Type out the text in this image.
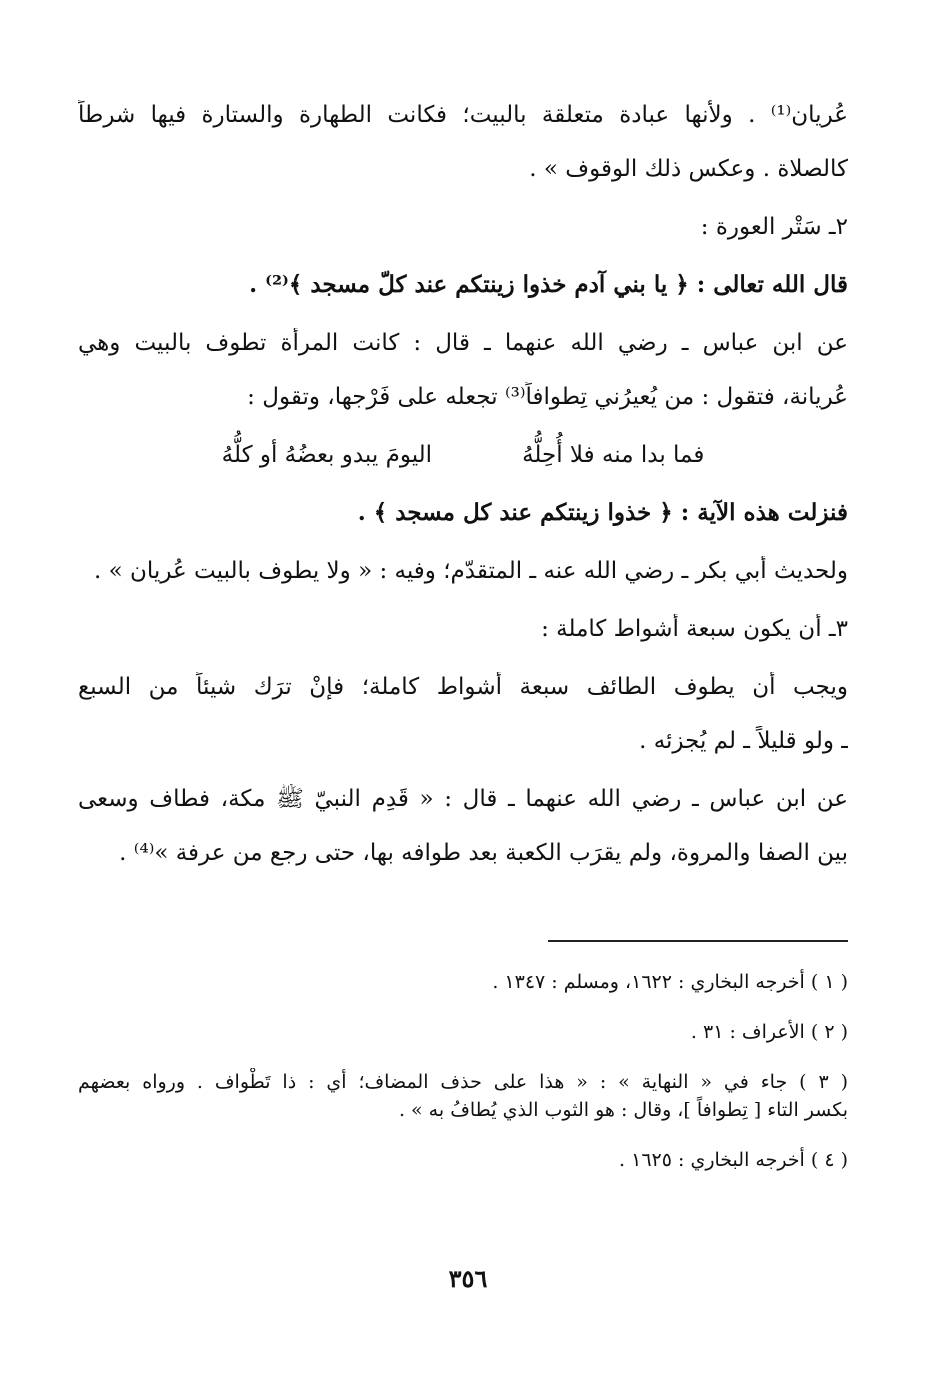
عُريان⁽¹⁾ . ولأنها عبادة متعلقة بالبيت؛ فكانت الطهارة والستارة فيها شرطاً
كالصلاة . وعكس ذلك الوقوف » .
٢ـ سَتْر العورة :
قال الله تعالى : ﴿ يا بني آدم خذوا زينتكم عند كلّ مسجد ﴾⁽²⁾ .
عن ابن عباس ـ رضي الله عنهما ـ قال : كانت المرأة تطوف بالبيت وهي
عُريانة، فتقول : من يُعيرُني تِطوافاً⁽³⁾ تجعله على فَرْجها، وتقول :
فما بدا منه فلا أُحِلُّهُ
اليومَ يبدو بعضُهُ أو كلُّهُ
فنزلت هذه الآية : ﴿ خذوا زينتكم عند كل مسجد ﴾ .
ولحديث أبي بكر ـ رضي الله عنه ـ المتقدّم؛ وفيه : « ولا يطوف بالبيت عُريان » .
٣ـ أن يكون سبعة أشواط كاملة :
ويجب أن يطوف الطائف سبعة أشواط كاملة؛ فإنْ ترَك شيئاً من السبع
ـ ولو قليلاً ـ لم يُجزئه .
عن ابن عباس ـ رضي الله عنهما ـ قال : « قَدِم النبيّ ﷺ مكة، فطاف وسعى
بين الصفا والمروة، ولم يقرَب الكعبة بعد طوافه بها، حتى رجع من عرفة »⁽⁴⁾ .
( ١ ) أخرجه البخاري : ١٦٢٢، ومسلم : ١٣٤٧ .
( ٢ ) الأعراف : ٣١ .
( ٣ ) جاء في « النهاية » : « هذا على حذف المضاف؛ أي : ذا تَطْواف . ورواه بعضهم
بكسر التاء [ تِطوافاً ]، وقال : هو الثوب الذي يُطافُ به » .
( ٤ ) أخرجه البخاري : ١٦٢٥ .
٣٥٦
